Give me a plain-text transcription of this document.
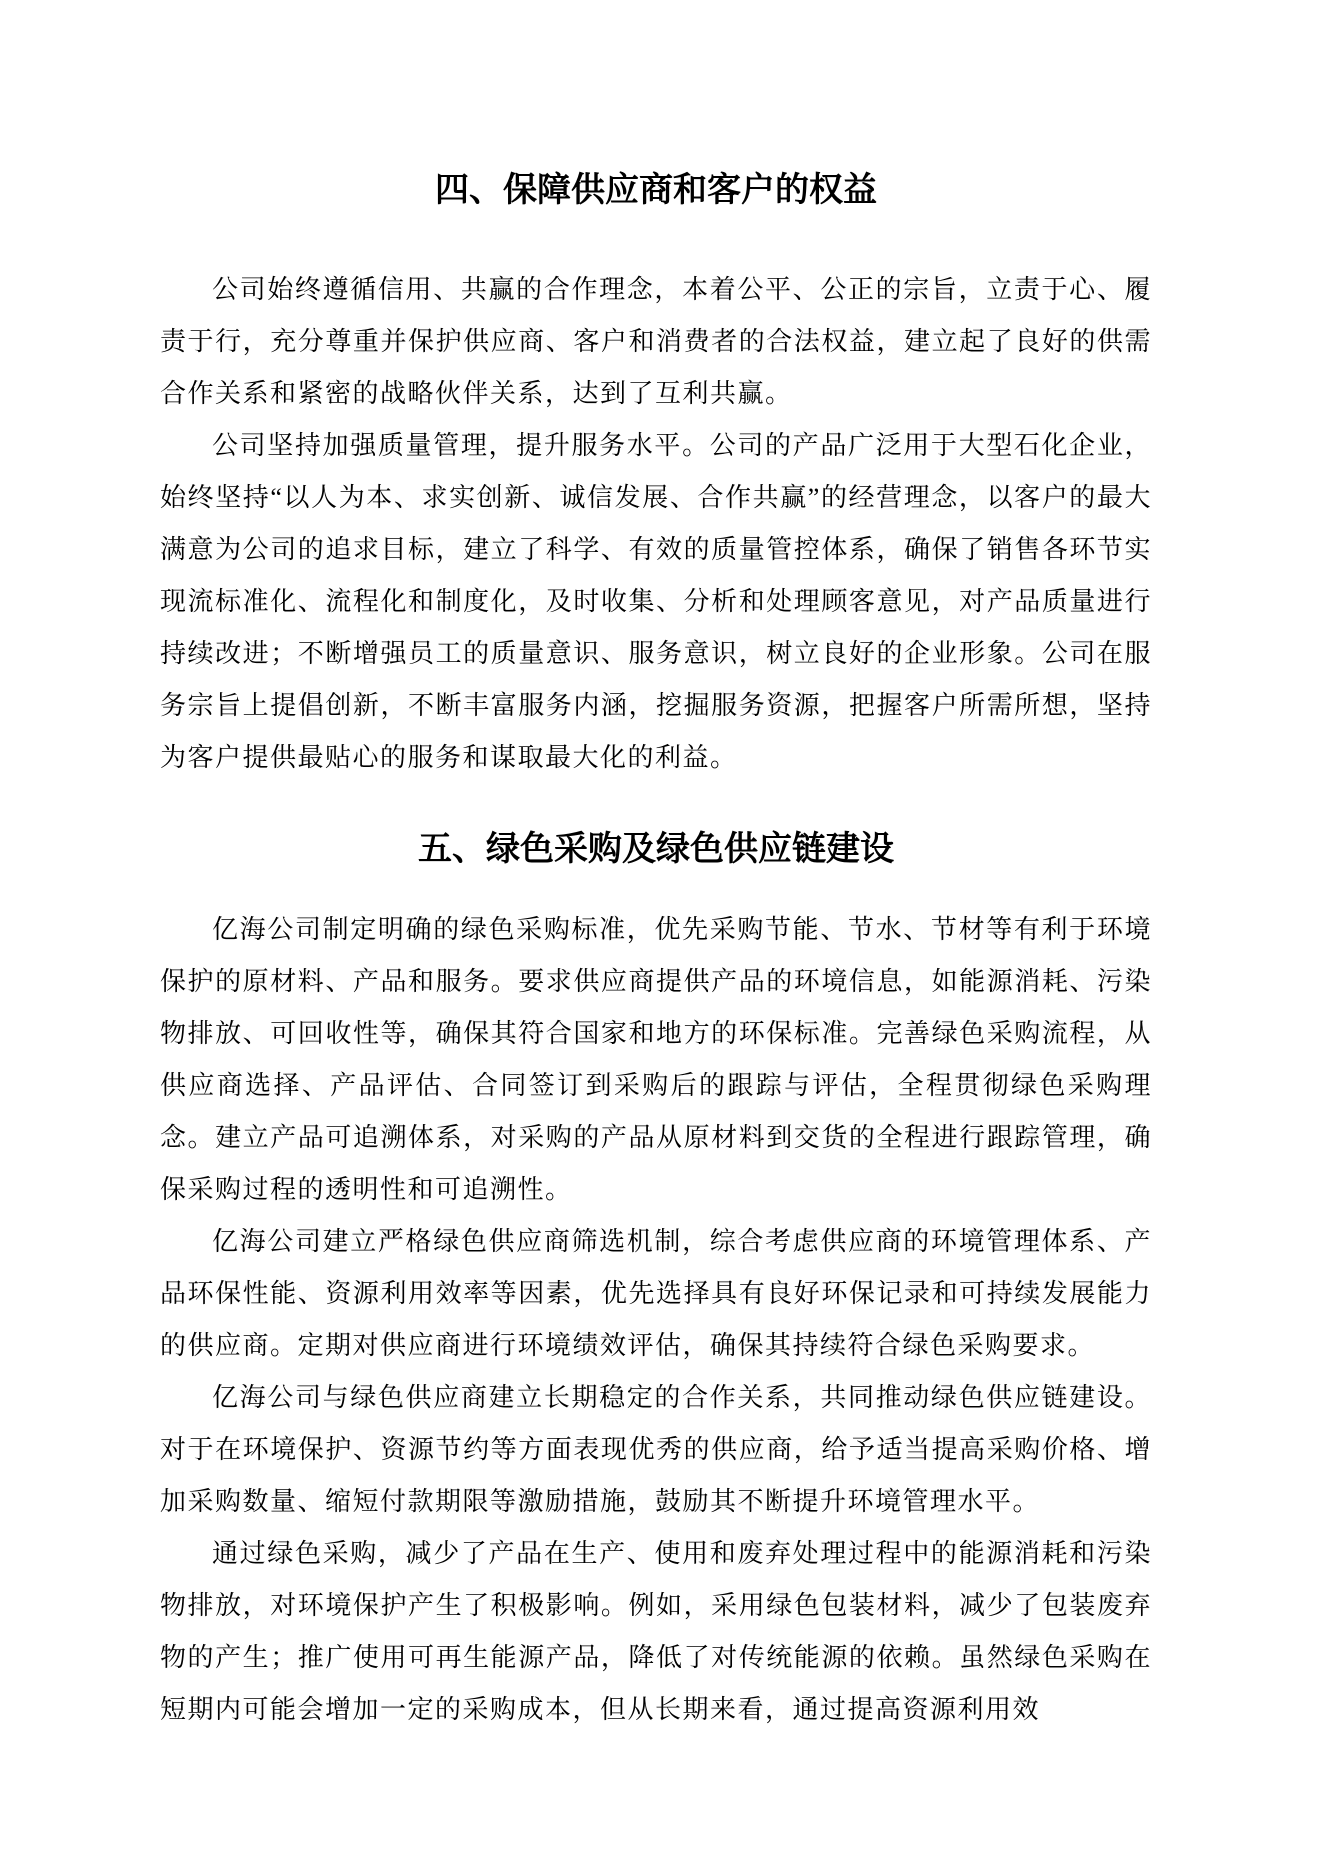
四、保障供应商和客户的权益

公司始终遵循信用、共赢的合作理念，本着公平、公正的宗旨，立责于心、履责于行，充分尊重并保护供应商、客户和消费者的合法权益，建立起了良好的供需合作关系和紧密的战略伙伴关系，达到了互利共赢。

公司坚持加强质量管理，提升服务水平。公司的产品广泛用于大型石化企业，始终坚持“以人为本、求实创新、诚信发展、合作共赢”的经营理念，以客户的最大满意为公司的追求目标，建立了科学、有效的质量管控体系，确保了销售各环节实现流标准化、流程化和制度化，及时收集、分析和处理顾客意见，对产品质量进行持续改进；不断增强员工的质量意识、服务意识，树立良好的企业形象。公司在服务宗旨上提倡创新，不断丰富服务内涵，挖掘服务资源，把握客户所需所想，坚持为客户提供最贴心的服务和谋取最大化的利益。

五、绿色采购及绿色供应链建设

亿海公司制定明确的绿色采购标准，优先采购节能、节水、节材等有利于环境保护的原材料、产品和服务。要求供应商提供产品的环境信息，如能源消耗、污染物排放、可回收性等，确保其符合国家和地方的环保标准。完善绿色采购流程，从供应商选择、产品评估、合同签订到采购后的跟踪与评估，全程贯彻绿色采购理念。建立产品可追溯体系，对采购的产品从原材料到交货的全程进行跟踪管理，确保采购过程的透明性和可追溯性。

亿海公司建立严格绿色供应商筛选机制，综合考虑供应商的环境管理体系、产品环保性能、资源利用效率等因素，优先选择具有良好环保记录和可持续发展能力的供应商。定期对供应商进行环境绩效评估，确保其持续符合绿色采购要求。

亿海公司与绿色供应商建立长期稳定的合作关系，共同推动绿色供应链建设。对于在环境保护、资源节约等方面表现优秀的供应商，给予适当提高采购价格、增加采购数量、缩短付款期限等激励措施，鼓励其不断提升环境管理水平。

通过绿色采购，减少了产品在生产、使用和废弃处理过程中的能源消耗和污染物排放，对环境保护产生了积极影响。例如，采用绿色包装材料，减少了包装废弃物的产生；推广使用可再生能源产品，降低了对传统能源的依赖。虽然绿色采购在短期内可能会增加一定的采购成本，但从长期来看，通过提高资源利用效
